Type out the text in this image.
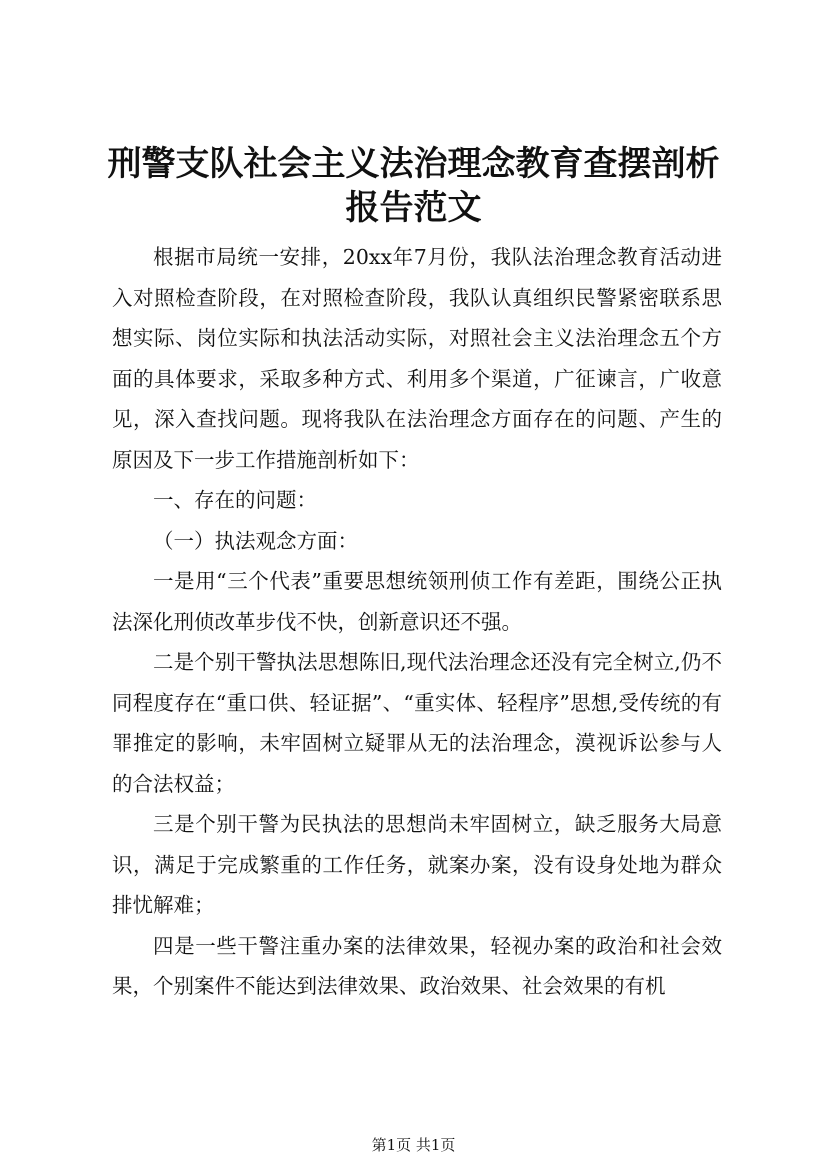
刑警支队社会主义法治理念教育查摆剖析报告范文

根据市局统一安排，20xx年7月份，我队法治理念教育活动进入对照检查阶段，在对照检查阶段，我队认真组织民警紧密联系思想实际、岗位实际和执法活动实际，对照社会主义法治理念五个方面的具体要求，采取多种方式、利用多个渠道，广征谏言，广收意见，深入查找问题。现将我队在法治理念方面存在的问题、产生的原因及下一步工作措施剖析如下：

一、存在的问题：

（一）执法观念方面：

一是用“三个代表”重要思想统领刑侦工作有差距，围绕公正执法深化刑侦改革步伐不快，创新意识还不强。

二是个别干警执法思想陈旧,现代法治理念还没有完全树立,仍不同程度存在“重口供、轻证据”、“重实体、轻程序”思想,受传统的有罪推定的影响，未牢固树立疑罪从无的法治理念，漠视诉讼参与人的合法权益；

三是个别干警为民执法的思想尚未牢固树立，缺乏服务大局意识，满足于完成繁重的工作任务，就案办案，没有设身处地为群众排忧解难；

四是一些干警注重办案的法律效果，轻视办案的政治和社会效果，个别案件不能达到法律效果、政治效果、社会效果的有机

第1页 共1页
